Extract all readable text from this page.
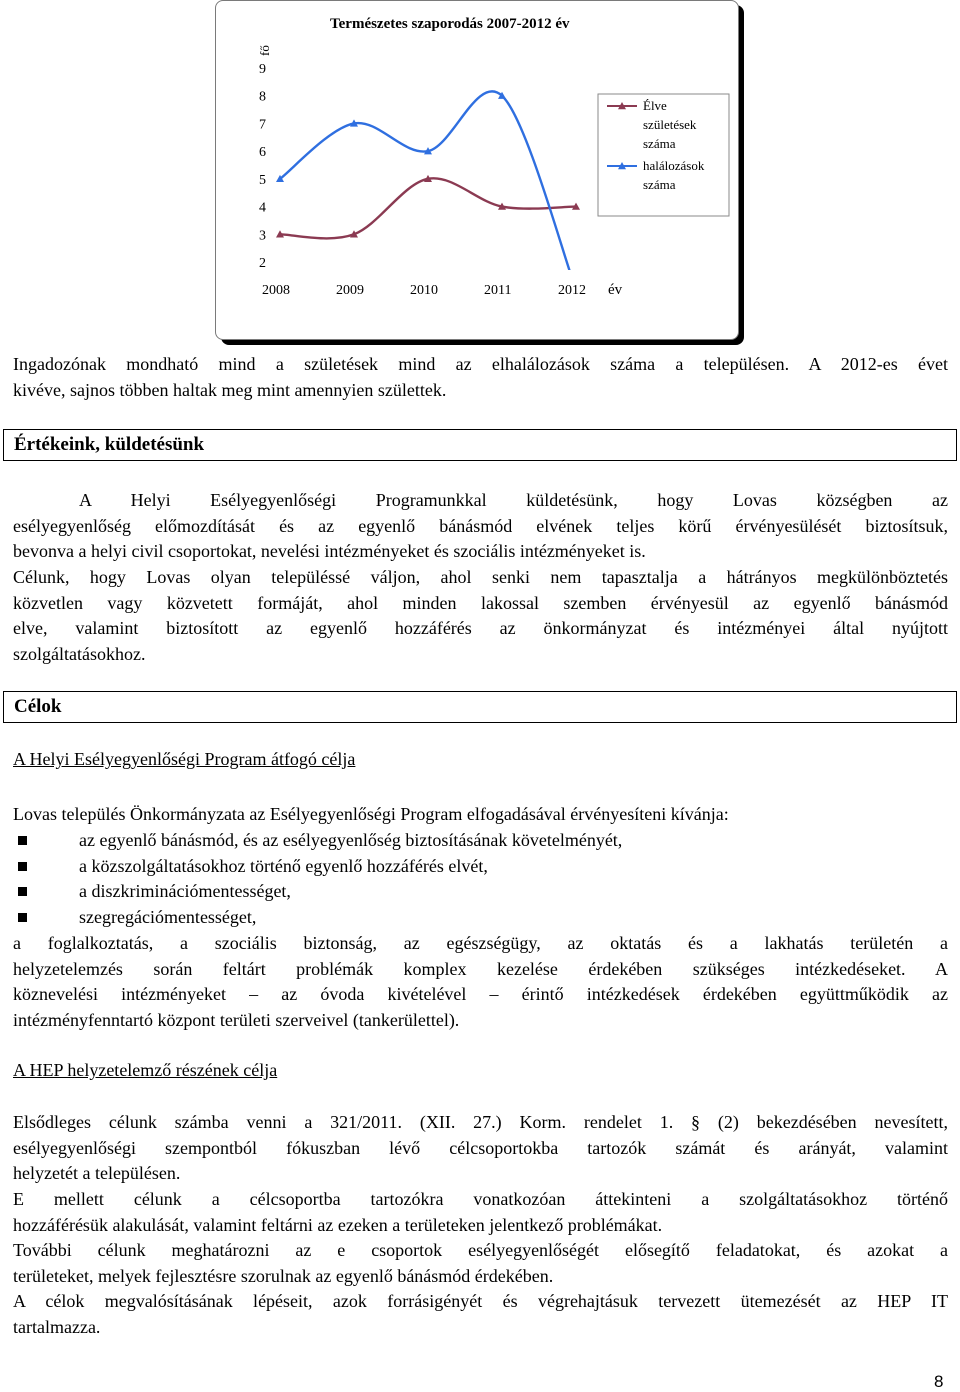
Természetes szaporodás 2007-2012 év
fő
év
2
3
4
5
6
7
8
9
2008	2009	2010	2011	2012
Élve születések száma
halálozások száma
Ingadozónak mondható mind a születések mind az elhalálozások száma a településen. A 2012-es évet
kivéve, sajnos többen haltak meg mint amennyien születtek.
Értékeink, küldetésünk
A Helyi Esélyegyenlőségi Programunkkal küldetésünk, hogy Lovas községben az
esélyegyenlőség előmozdítását és az egyenlő bánásmód elvének teljes körű érvényesülését biztosítsuk,
bevonva a helyi civil csoportokat, nevelési intézményeket és szociális intézményeket is.
Célunk, hogy Lovas olyan településsé váljon, ahol senki nem tapasztalja a hátrányos megkülönböztetés
közvetlen vagy közvetett formáját, ahol minden lakossal szemben érvényesül az egyenlő bánásmód
elve, valamint biztosított az egyenlő hozzáférés az önkormányzat és intézményei által nyújtott
szolgáltatásokhoz.
Célok
A Helyi Esélyegyenlőségi Program átfogó célja
Lovas település Önkormányzata az Esélyegyenlőségi Program elfogadásával érvényesíteni kívánja:
az egyenlő bánásmód, és az esélyegyenlőség biztosításának követelményét,
a közszolgáltatásokhoz történő egyenlő hozzáférés elvét,
a diszkriminációmentességet,
szegregációmentességet,
a foglalkoztatás, a szociális biztonság, az egészségügy, az oktatás és a lakhatás területén a
helyzetelemzés során feltárt problémák komplex kezelése érdekében szükséges intézkedéseket. A
köznevelési intézményeket – az óvoda kivételével – érintő intézkedések érdekében együttműködik az
intézményfenntartó központ területi szerveivel (tankerülettel).
A HEP helyzetelemző részének célja
Elsődleges célunk számba venni a 321/2011. (XII. 27.) Korm. rendelet 1. § (2) bekezdésében nevesített,
esélyegyenlőségi szempontból fókuszban lévő célcsoportokba tartozók számát és arányát, valamint
helyzetét a településen.
E mellett célunk a célcsoportba tartozókra vonatkozóan áttekinteni a szolgáltatásokhoz történő
hozzáférésük alakulását, valamint feltárni az ezeken a területeken jelentkező problémákat.
További célunk meghatározni az e csoportok esélyegyenlőségét elősegítő feladatokat, és azokat a
területeket, melyek fejlesztésre szorulnak az egyenlő bánásmód érdekében.
A célok megvalósításának lépéseit, azok forrásigényét és végrehajtásuk tervezett ütemezését az HEP IT
tartalmazza.
8
